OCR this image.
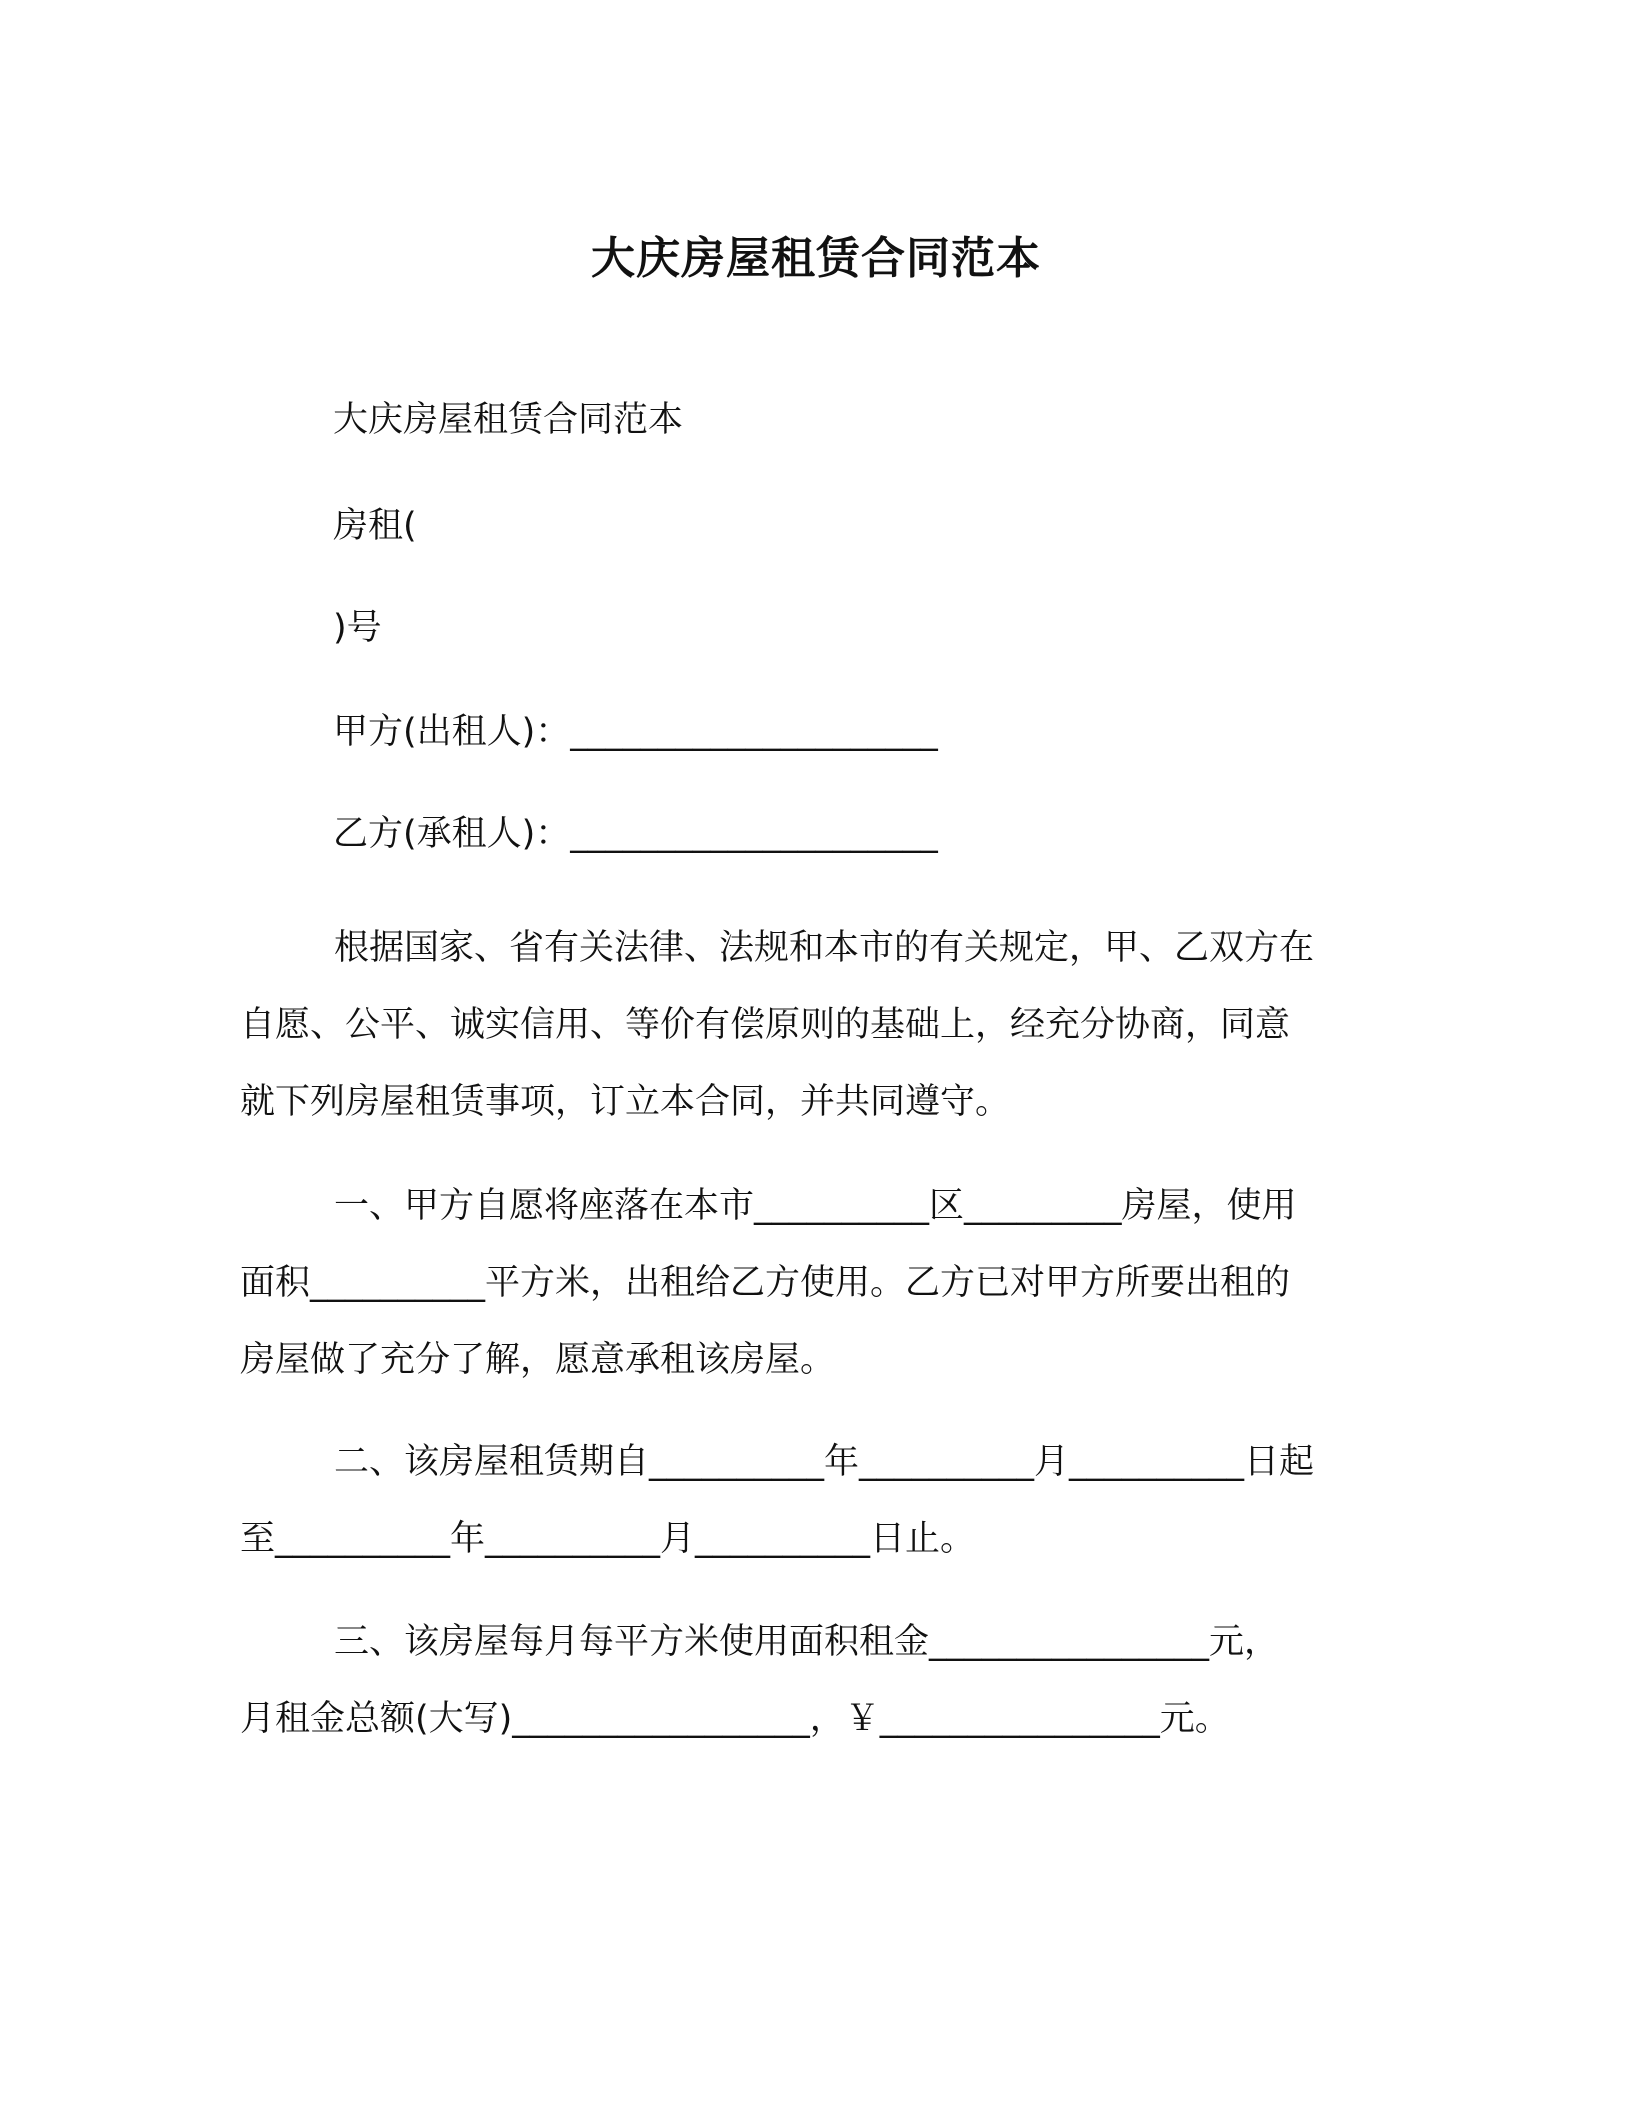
大庆房屋租赁合同范本

大庆房屋租赁合同范本

房租(

)号

甲方(出租人)：_____________________

乙方(承租人)：_____________________

根据国家、省有关法律、法规和本市的有关规定，甲、乙双方在
自愿、公平、诚实信用、等价有偿原则的基础上，经充分协商，同意
就下列房屋租赁事项，订立本合同，并共同遵守。

一、甲方自愿将座落在本市__________区_________房屋，使用
面积__________平方米，出租给乙方使用。乙方已对甲方所要出租的
房屋做了充分了解，愿意承租该房屋。

二、该房屋租赁期自__________年__________月__________日起
至__________年__________月__________日止。

三、该房屋每月每平方米使用面积租金________________元，
月租金总额(大写)_________________，￥________________元。
